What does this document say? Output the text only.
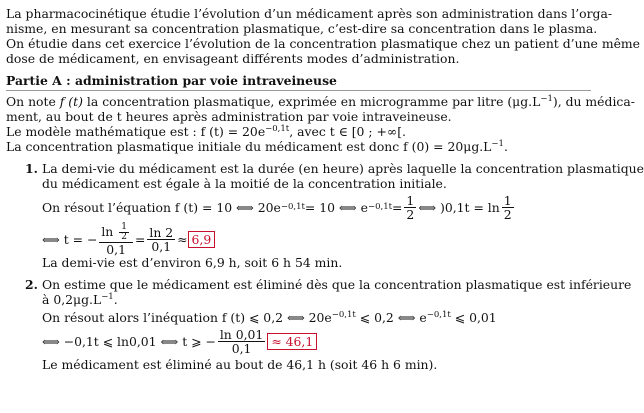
La pharmacocinétique étudie l’évolution d’un médicament après son administration dans l’orga-

nisme, en mesurant sa concentration plasmatique, c’est-dire sa concentration dans le plasma.

On étudie dans cet exercice l’évolution de la concentration plasmatique chez un patient d’une même

dose de médicament, en envisageant différents modes d’administration.

Partie A : administration par voie intraveineuse

On note f (t) la concentration plasmatique, exprimée en microgramme par litre $(\mu g.L^{-1})$, du médica-

ment, au bout de t heures après administration par voie intraveineuse.

Le modèle mathématique est : f $(t) = 20e^{-0,1t}$, avec t ∈ [0 ; +∞[.

La concentration plasmatique initiale du médicament est donc f $(0) = 20\mu g.L^{-1}$.

1. La demi-vie du médicament est la durée (en heure) après laquelle la concentration plasmatique

du médicament est égale à la moitié de la concentration initiale.

On résout l’équation f (t) = 10 ⟺ 20e −0,1t = 10 ⟺ $e -0,1t = \frac{1}{2}$ ⟺ )$0,1t = \ln \frac{1}{2}$
⟺ t = − $\frac{\ln \frac{1}{2}}{0,1} = \frac{\ln 2}{0,1} \approx 6,9$

La demi-vie est d’environ 6,9 h, soit 6 h 54 min.

2. On estime que le médicament est éliminé dès que la concentration plasmatique est inférieure

à $0,2\mu g.L^{-1}$.

On résout alors l’inéquation f (t) ⩽ 0,2 ⟺ $20e^{-0,1t}$ ⩽ 0,2 ⟺ $e^{-0,1t}$ ⩽ 0,01

⟺ −0,1t ⩽ ln0,01 ⟺ t ⩾ − $\frac{\ln 0,01}{0,1} \approx 46,1$

Le médicament est éliminé au bout de 46,1 h (soit 46 h 6 min).
